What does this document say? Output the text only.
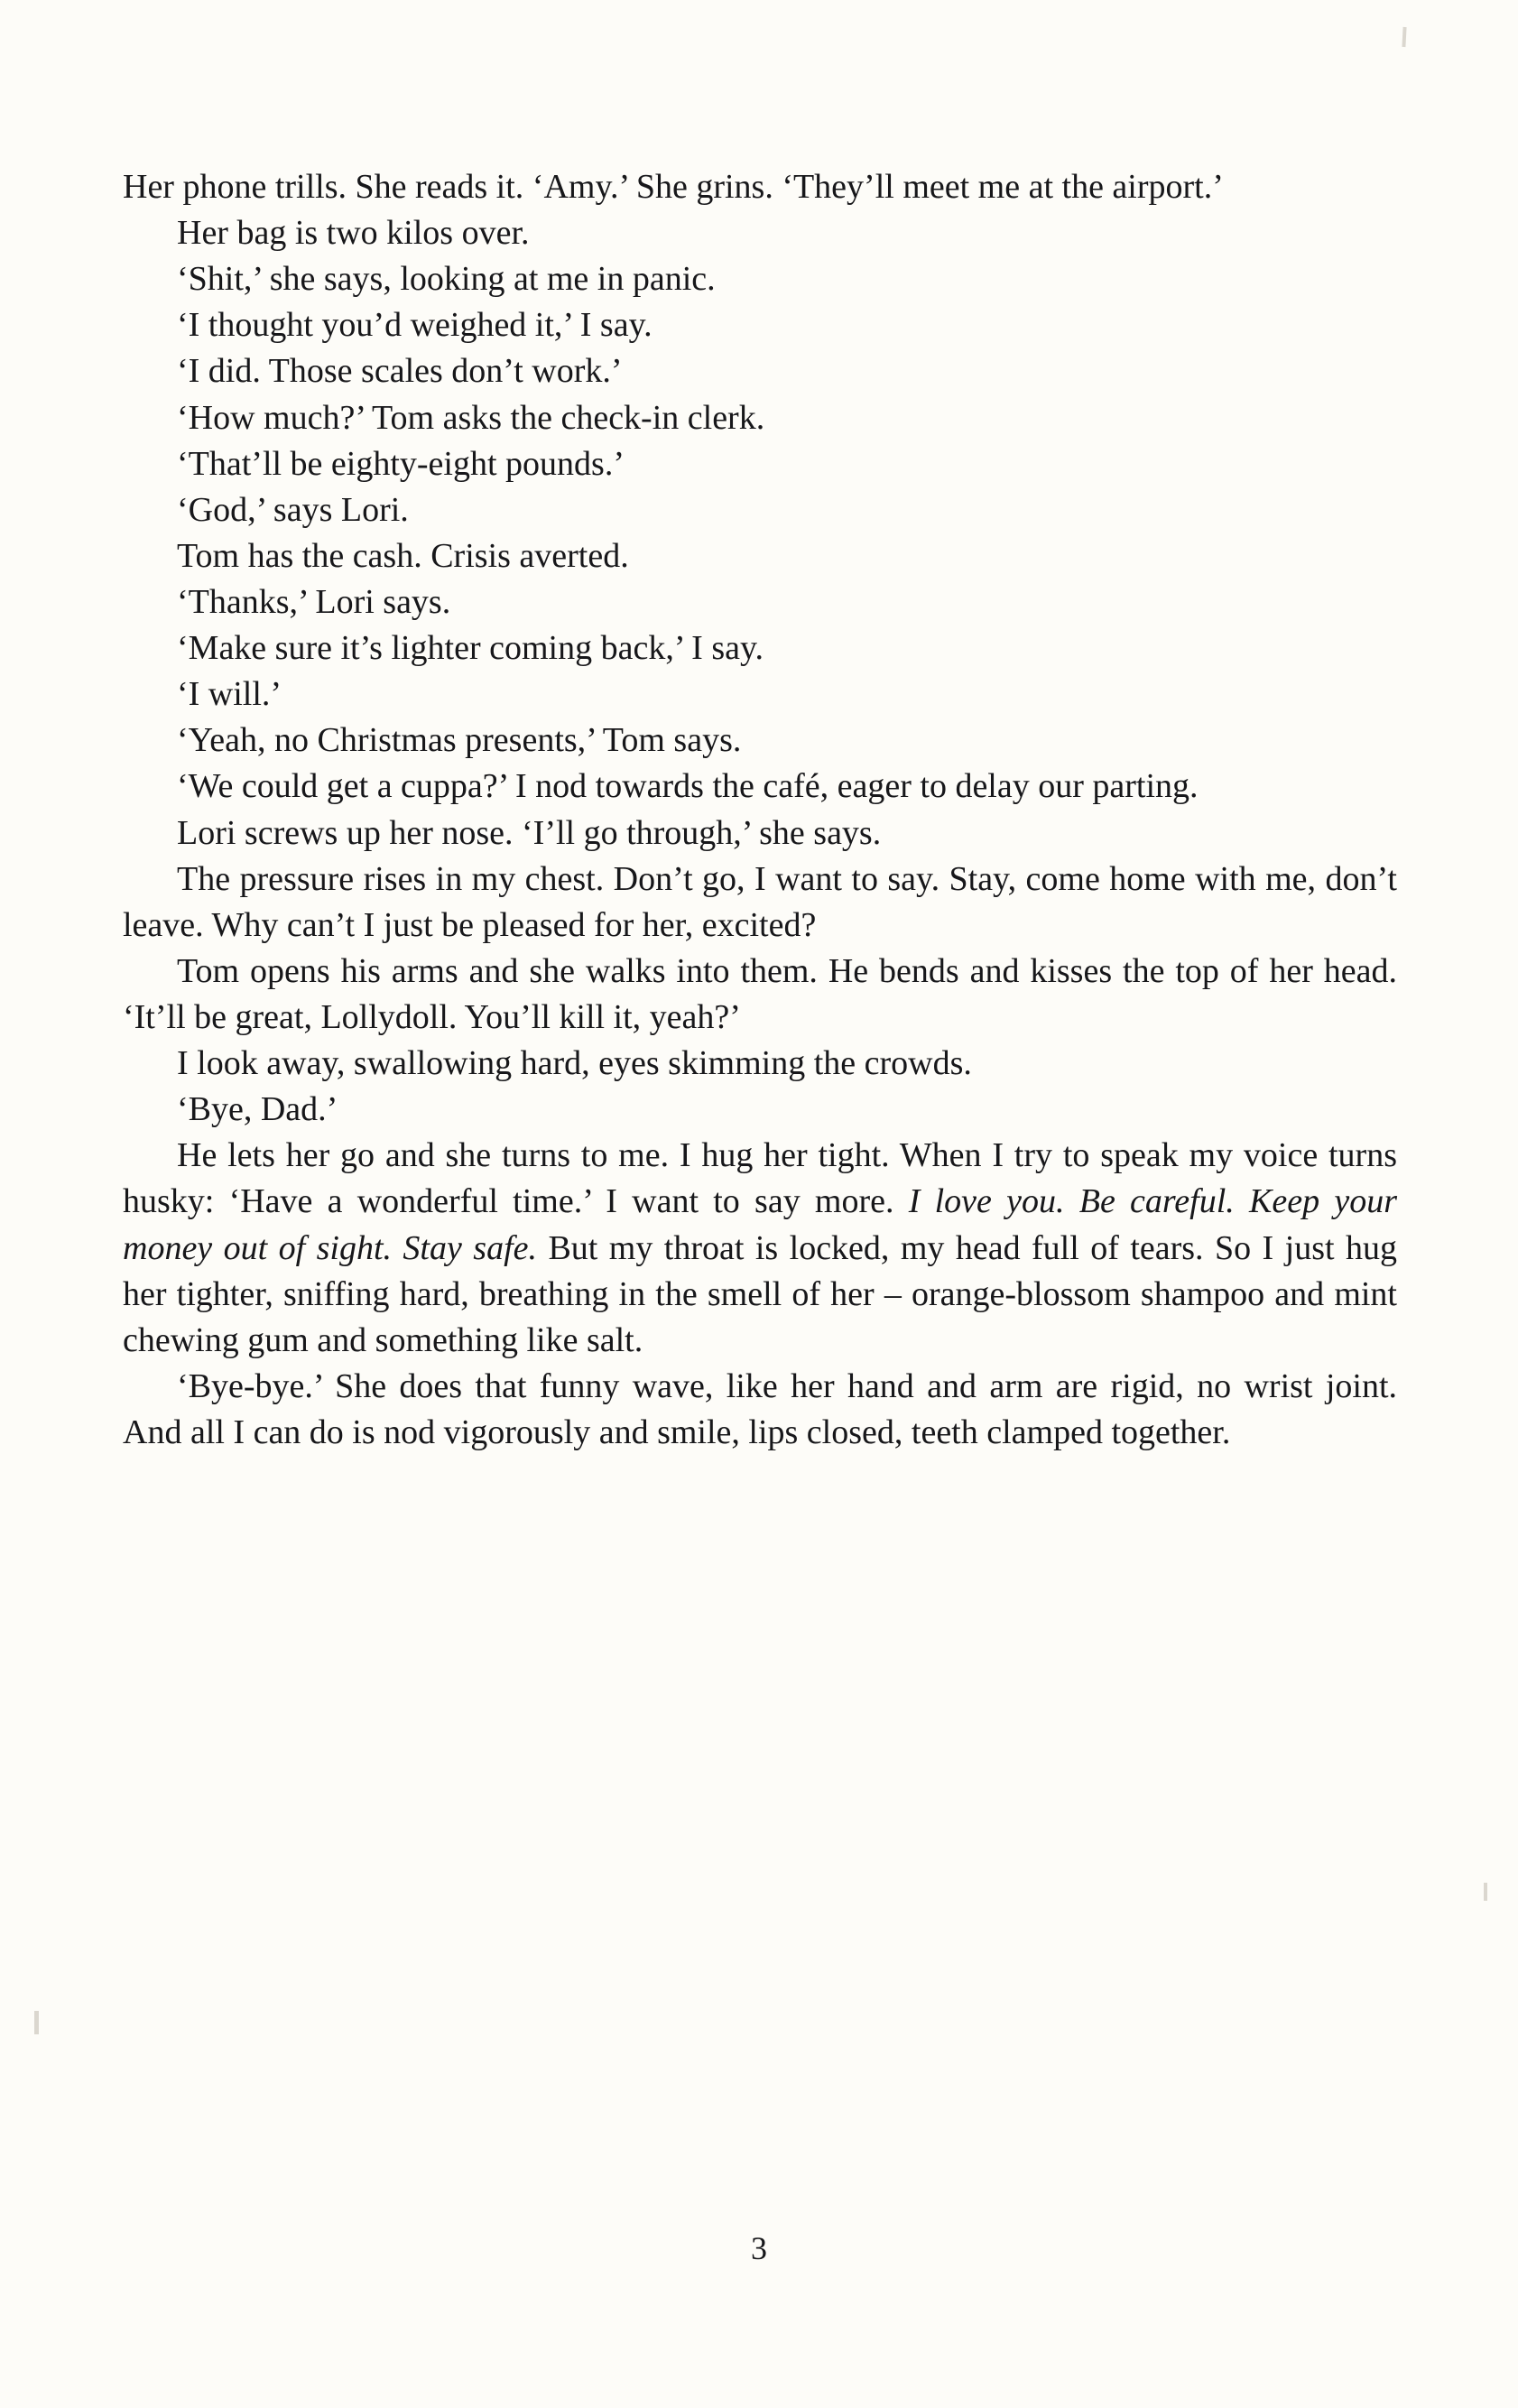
Her phone trills. She reads it. ‘Amy.’ She grins. ‘They’ll meet me at the airport.’

Her bag is two kilos over.

‘Shit,’ she says, looking at me in panic.

‘I thought you’d weighed it,’ I say.

‘I did. Those scales don’t work.’

‘How much?’ Tom asks the check-in clerk.

‘That’ll be eighty-eight pounds.’

‘God,’ says Lori.

Tom has the cash. Crisis averted.

‘Thanks,’ Lori says.

‘Make sure it’s lighter coming back,’ I say.

‘I will.’

‘Yeah, no Christmas presents,’ Tom says.

‘We could get a cuppa?’ I nod towards the café, eager to delay our parting.

Lori screws up her nose. ‘I’ll go through,’ she says.

The pressure rises in my chest. Don’t go, I want to say. Stay, come home with me, don’t leave. Why can’t I just be pleased for her, excited?

Tom opens his arms and she walks into them. He bends and kisses the top of her head. ‘It’ll be great, Lollydoll. You’ll kill it, yeah?’

I look away, swallowing hard, eyes skimming the crowds.

‘Bye, Dad.’

He lets her go and she turns to me. I hug her tight. When I try to speak my voice turns husky: ‘Have a wonderful time.’ I want to say more. I love you. Be careful. Keep your money out of sight. Stay safe. But my throat is locked, my head full of tears. So I just hug her tighter, sniffing hard, breathing in the smell of her – orange-blossom shampoo and mint chewing gum and something like salt.

‘Bye-bye.’ She does that funny wave, like her hand and arm are rigid, no wrist joint. And all I can do is nod vigorously and smile, lips closed, teeth clamped together.

3
